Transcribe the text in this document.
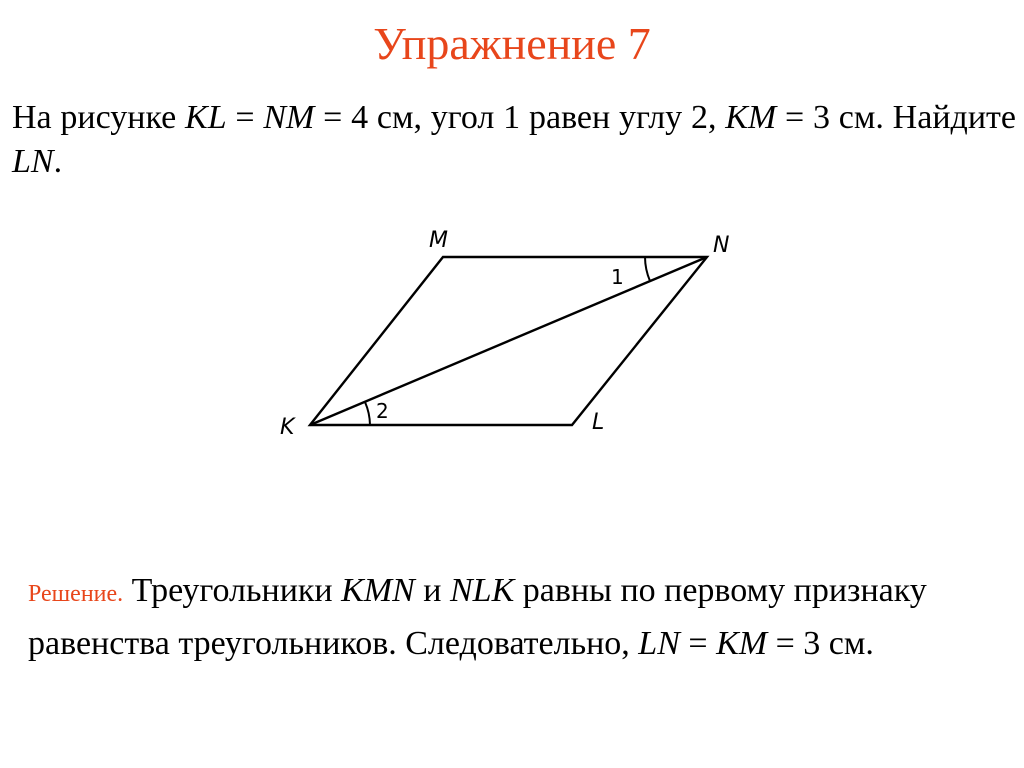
Упражнение 7
На рисунке KL = NM = 4 см, угол 1 равен углу 2, KM = 3 см. Найдите LN.
M	N
K	L
1
2
Решение. Треугольники KMN и NLK равны по первому признаку равенства треугольников. Следовательно, LN = KM = 3 см.
